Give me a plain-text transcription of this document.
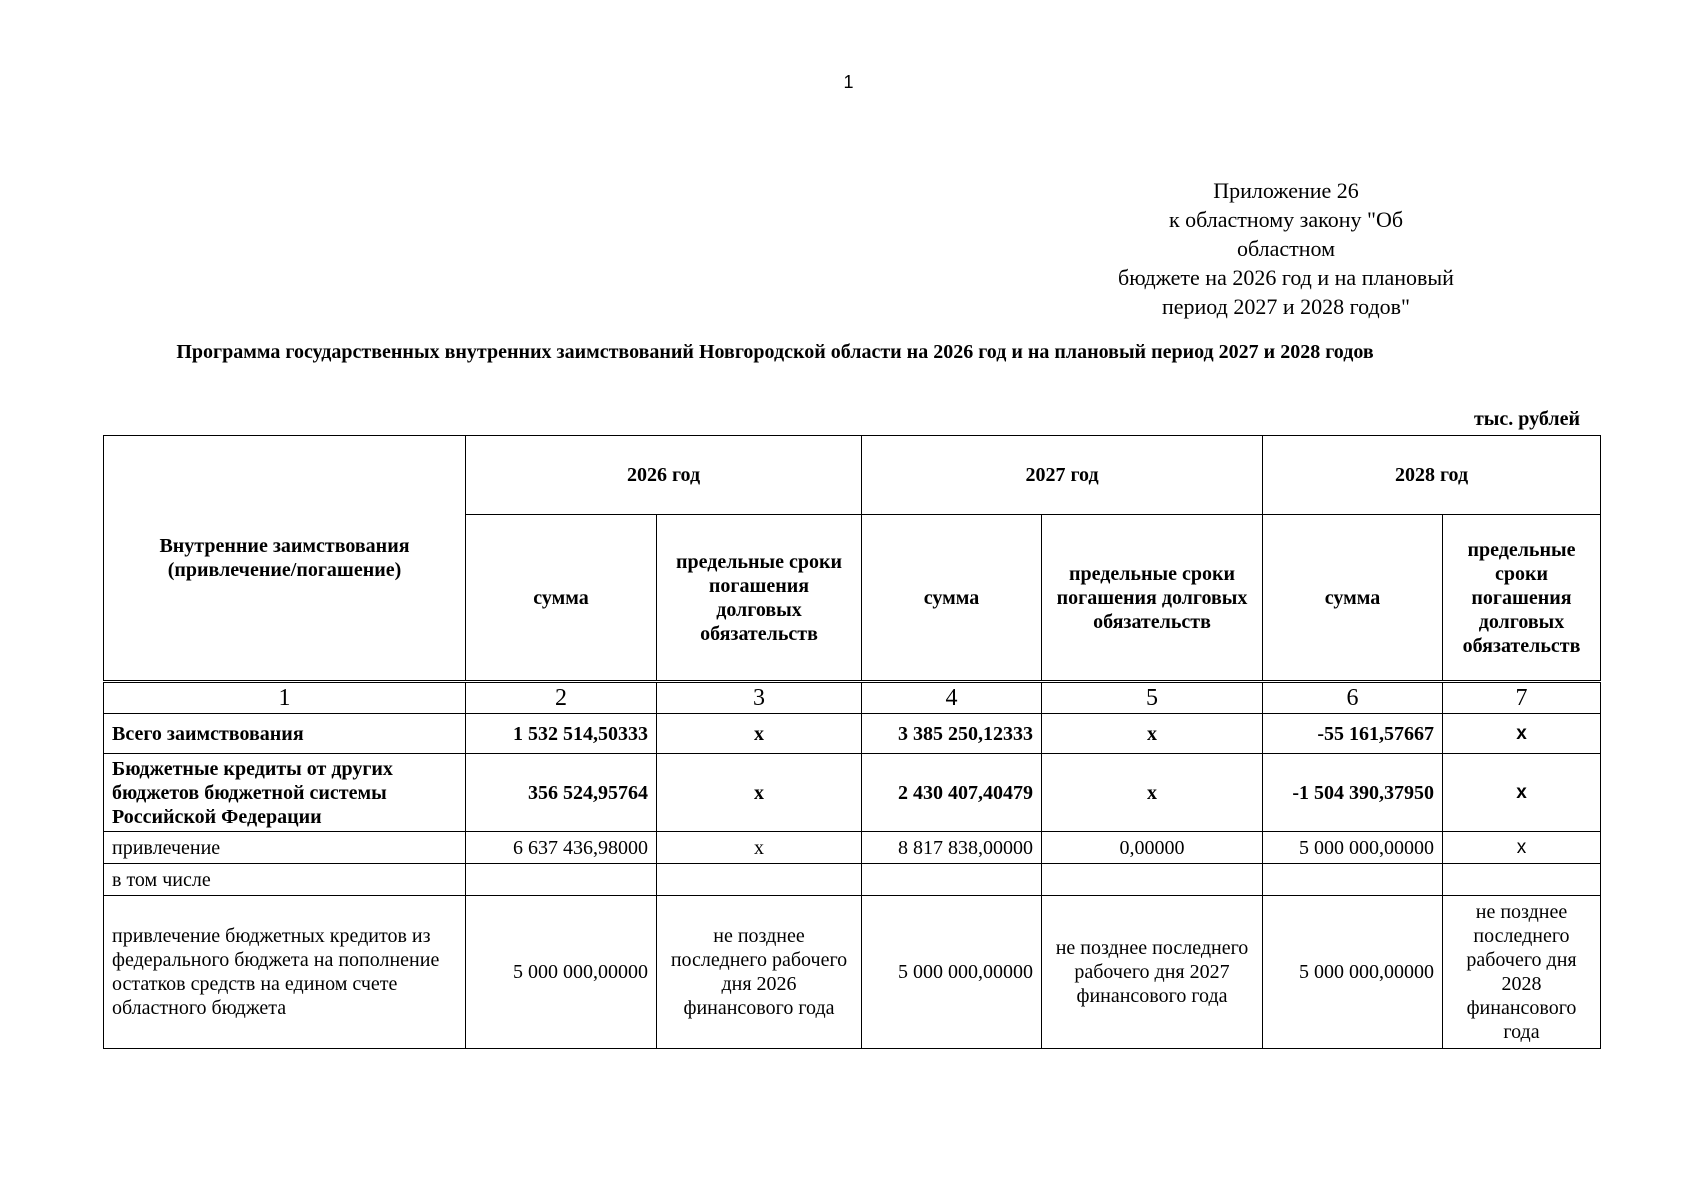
1
Приложение 26
к областному закону "Об областном
бюджете на 2026 год и на плановый
период 2027 и 2028 годов"
Программа государственных внутренних заимствований Новгородской области на 2026 год и на плановый период 2027 и 2028 годов
тыс. рублей
Внутренние заимствования (привлечение/погашение)	2026 год		2027 год		2028 год	
	сумма	предельные сроки погашения долговых обязательств	сумма	предельные сроки погашения долговых обязательств	сумма	предельные сроки погашения долговых обязательств
1	2	3	4	5	6	7
Всего заимствования	1 532 514,50333	х	3 385 250,12333	х	-55 161,57667	х
Бюджетные кредиты от других бюджетов бюджетной системы Российской Федерации	356 524,95764	х	2 430 407,40479	х	-1 504 390,37950	х
привлечение	6 637 436,98000	х	8 817 838,00000	0,00000	5 000 000,00000	х
в том числе						
привлечение бюджетных кредитов из федерального бюджета на пополнение остатков средств на едином счете областного бюджета	5 000 000,00000	не позднее последнего рабочего дня 2026 финансового года	5 000 000,00000	не позднее последнего рабочего дня 2027 финансового года	5 000 000,00000	не позднее последнего рабочего дня 2028 финансового года
